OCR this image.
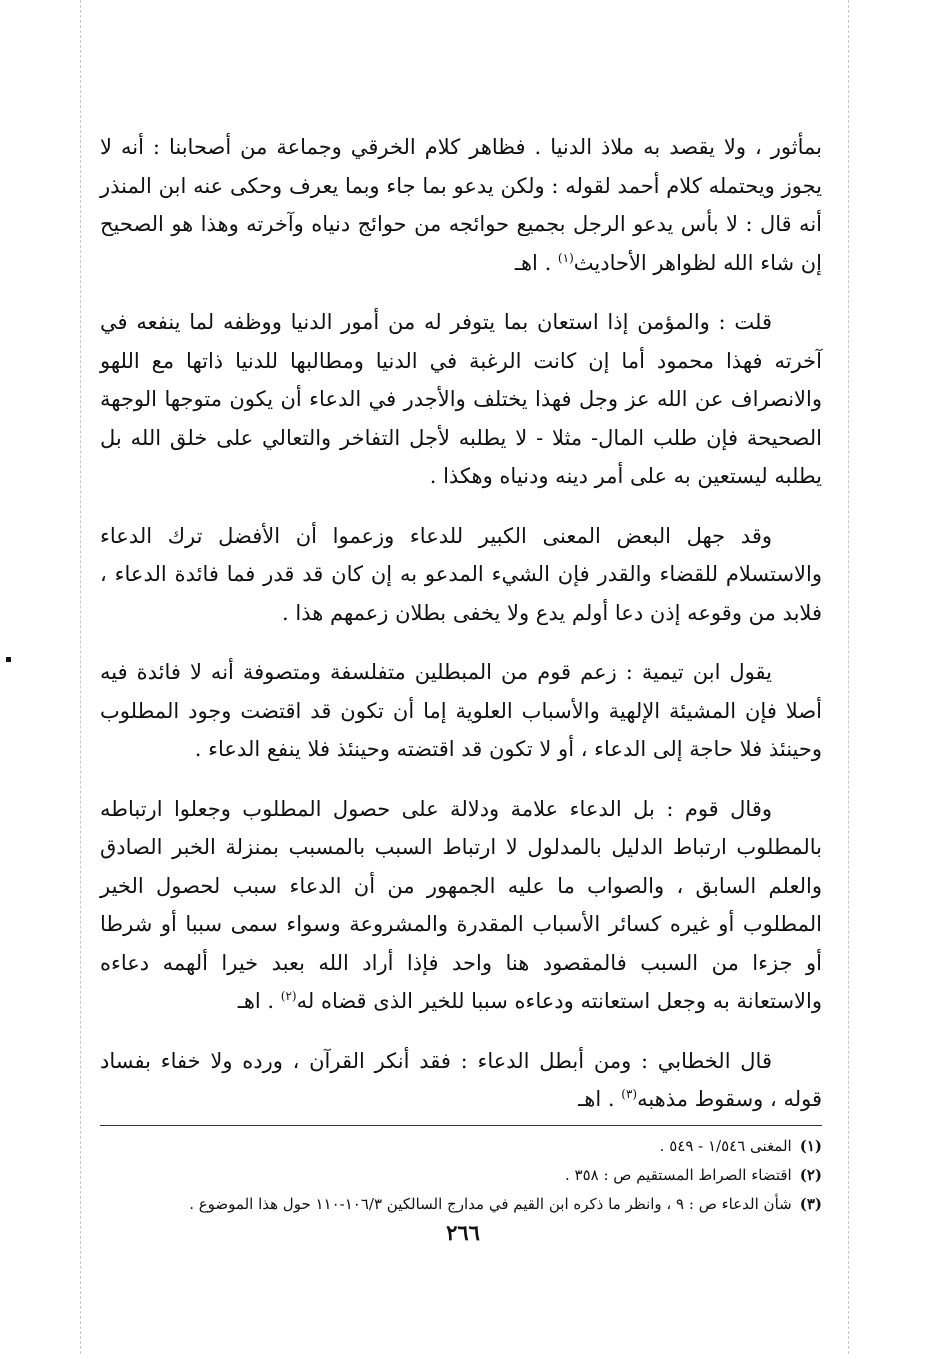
بمأثور ، ولا يقصد به ملاذ الدنيا . فظاهر كلام الخرقي وجماعة من أصحابنا : أنه لا يجوز ويحتمله كلام أحمد لقوله : ولكن يدعو بما جاء وبما يعرف وحكى عنه ابن المنذر أنه قال : لا بأس يدعو الرجل بجميع حوائجه من حوائج دنياه وآخرته وهذا هو الصحيح إن شاء الله لظواهر الأحاديث$^{(١)}$ . اهـ

قلت : والمؤمن إذا استعان بما يتوفر له من أمور الدنيا ووظفه لما ينفعه في آخرته فهذا محمود أما إن كانت الرغبة في الدنيا ومطالبها للدنيا ذاتها مع اللهو والانصراف عن الله عز وجل فهذا يختلف والأجدر في الدعاء أن يكون متوجها الوجهة الصحيحة فإن طلب المال- مثلا - لا يطلبه لأجل التفاخر والتعالي على خلق الله بل يطلبه ليستعين به على أمر دينه ودنياه وهكذا .

وقد جهل البعض المعنى الكبير للدعاء وزعموا أن الأفضل ترك الدعاء والاستسلام للقضاء والقدر فإن الشيء المدعو به إن كان قد قدر فما فائدة الدعاء ، فلابد من وقوعه إذن دعا أولم يدع ولا يخفى بطلان زعمهم هذا .

يقول ابن تيمية : زعم قوم من المبطلين متفلسفة ومتصوفة أنه لا فائدة فيه أصلا فإن المشيئة الإلهية والأسباب العلوية إما أن تكون قد اقتضت وجود المطلوب وحينئذ فلا حاجة إلى الدعاء ، أو لا تكون قد اقتضته وحينئذ فلا ينفع الدعاء .

وقال قوم : بل الدعاء علامة ودلالة على حصول المطلوب وجعلوا ارتباطه بالمطلوب ارتباط الدليل بالمدلول لا ارتباط السبب بالمسبب بمنزلة الخبر الصادق والعلم السابق ، والصواب ما عليه الجمهور من أن الدعاء سبب لحصول الخير المطلوب أو غيره كسائر الأسباب المقدرة والمشروعة وسواء سمى سببا أو شرطا أو جزءا من السبب فالمقصود هنا واحد فإذا أراد الله بعبد خيرا ألهمه دعاءه والاستعانة به وجعل استعانته ودعاءه سببا للخير الذى قضاه له$^{(٢)}$ . اهـ

قال الخطابي : ومن أبطل الدعاء : فقد أنكر القرآن ، ورده ولا خفاء بفساد قوله ، وسقوط مذهبه$^{(٣)}$ . اهـ

(١)المغنى ١/٥٤٦ - ٥٤٩ .
(٢)اقتضاء الصراط المستقيم ص : ٣٥٨ .
(٣)شأن الدعاء ص : ٩ ، وانظر ما ذكره ابن القيم في مدارج السالكين ١٠٦/٣-١١٠ حول هذا الموضوع .
٢٦٦
